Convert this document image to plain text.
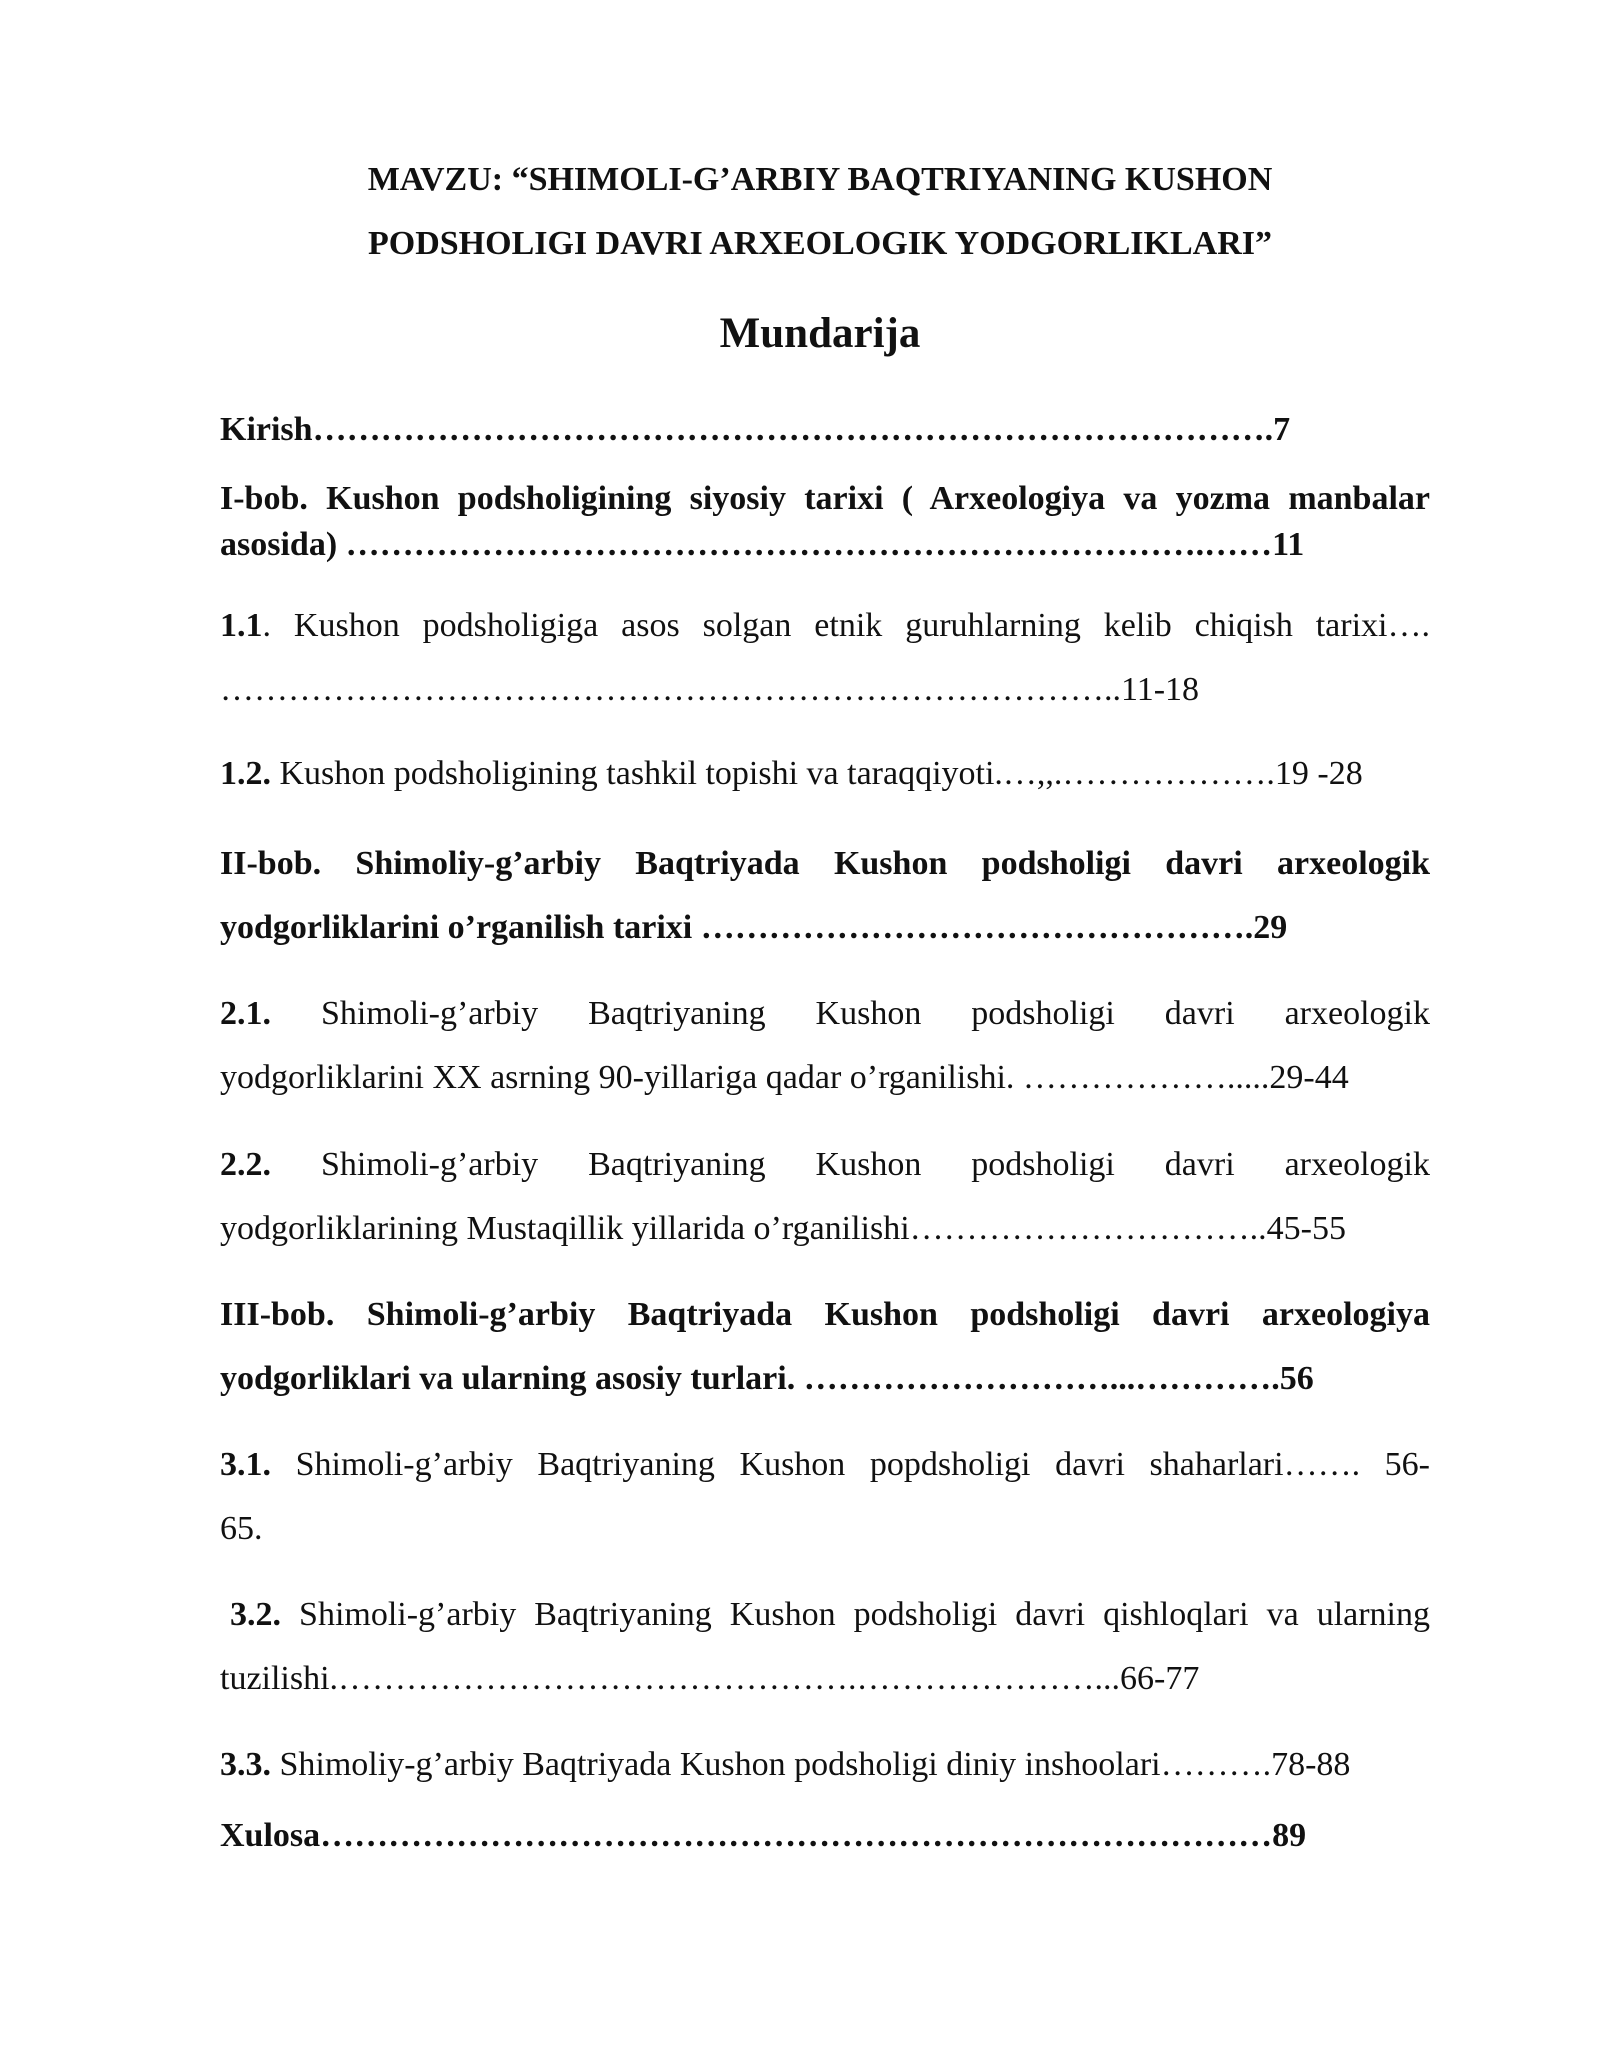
MAVZU: “SHIMOLI-G’ARBIY BAQTRIYANING KUSHON
PODSHOLIGI DAVRI ARXEOLOGIK YODGORLIKLARI”
Mundarija
Kirish………………………………………………………………………….7
I-bob. Kushon podsholigining siyosiy tarixi ( Arxeologiya va yozma manbalar
asosida) ………………………………………………………………….……11
1.1. Kushon podsholigiga asos solgan etnik guruhlarning kelib chiqish tarixi….
……………………………………………………………………..11-18
1.2. Kushon podsholigining tashkil topishi va taraqqiyoti.…,,.……………….19 -28
II-bob. Shimoliy-g’arbiy Baqtriyada Kushon podsholigi davri arxeologik
yodgorliklarini o’rganilish tarixi ………………………………………….29
2.1. Shimoli-g’arbiy Baqtriyaning Kushon podsholigi davri arxeologik
yodgorliklarini XX asrning 90-yillariga qadar o’rganilishi. ……………….....29-44
2.2. Shimoli-g’arbiy Baqtriyaning Kushon podsholigi davri arxeologik
yodgorliklarining Mustaqillik yillarida o’rganilishi…………………………..45-55
III-bob. Shimoli-g’arbiy Baqtriyada Kushon podsholigi davri arxeologiya
yodgorliklari va ularning asosiy turlari. ………………………...………….56
3.1. Shimoli-g’arbiy Baqtriyaning Kushon popdsholigi davri shaharlari……. 56-
65.
3.2. Shimoli-g’arbiy Baqtriyaning Kushon podsholigi davri qishloqlari va ularning
tuzilishi.……………………………………….…………………...66-77
3.3. Shimoliy-g’arbiy Baqtriyada Kushon podsholigi diniy inshoolari……….78-88
Xulosa…………………………………………………………………………89
